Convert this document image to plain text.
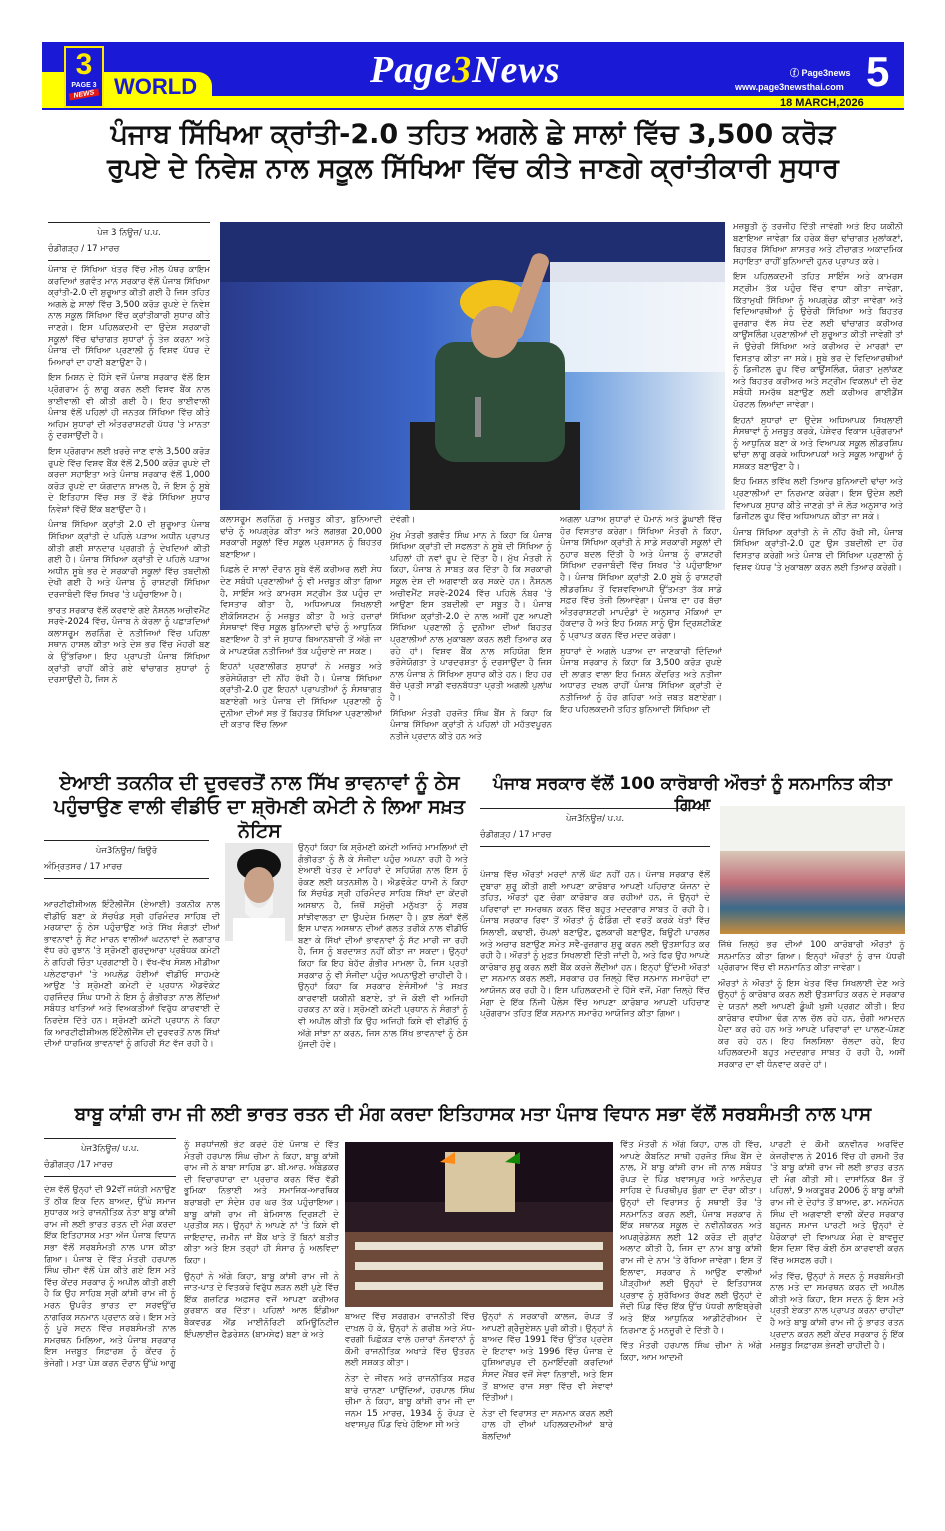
3
PAGE 3
NEWS WORLD	Page3News	ⓕ Page3news
www.page3newsthai.com 5
18 MARCH,2026
ਪੰਜਾਬ ਸਿੱਖਿਆ ਕ੍ਰਾਂਤੀ-2.0 ਤਹਿਤ ਅਗਲੇ ਛੇ ਸਾਲਾਂ ਵਿੱਚ 3,500 ਕਰੋੜ
ਰੁਪਏ ਦੇ ਨਿਵੇਸ਼ ਨਾਲ ਸਕੂਲ ਸਿੱਖਿਆ ਵਿੱਚ ਕੀਤੇ ਜਾਣਗੇ ਕ੍ਰਾਂਤੀਕਾਰੀ ਸੁਧਾਰ
ਪੇਜ 3 ਨਿਊਜ਼/ ਪ.ਪ.
ਚੰਡੀਗੜ੍ਹ / 17 ਮਾਰਚ

ਪੰਜਾਬ ਦੇ ਸਿੱਖਿਆ ਖੇਤਰ ਵਿੱਚ ਮੀਲ ਪੱਥਰ ਕਾਇਮ ਕਰਦਿਆਂ ਭਗਵੰਤ ਮਾਨ ਸਰਕਾਰ ਵੱਲੋਂ ਪੰਜਾਬ ਸਿੱਖਿਆ ਕ੍ਰਾਂਤੀ-2.0 ਦੀ ਸ਼ੁਰੂਆਤ ਕੀਤੀ ਗਈ ਹੈ ਜਿਸ ਤਹਿਤ ਅਗਲੇ ਛੇ ਸਾਲਾਂ ਵਿੱਚ 3,500 ਕਰੋੜ ਰੁਪਏ ਦੇ ਨਿਵੇਸ਼ ਨਾਲ ਸਕੂਲ ਸਿੱਖਿਆ ਵਿੱਚ ਕ੍ਰਾਂਤੀਕਾਰੀ ਸੁਧਾਰ ਕੀਤੇ ਜਾਣਗੇ। ਇਸ ਪਹਿਲਕਦਮੀ ਦਾ ਉਦੇਸ਼ ਸਰਕਾਰੀ ਸਕੂਲਾਂ ਵਿੱਚ ਢਾਂਚਾਗਤ ਸੁਧਾਰਾਂ ਨੂੰ ਤੇਜ਼ ਕਰਨਾ ਅਤੇ ਪੰਜਾਬ ਦੀ ਸਿੱਖਿਆ ਪ੍ਰਣਾਲੀ ਨੂੰ ਵਿਸ਼ਵ ਪੱਧਰ ਦੇ ਮਿਆਰਾਂ ਦਾ ਹਾਣੀ ਬਣਾਉਣਾ ਹੈ।

ਇਸ ਮਿਸ਼ਨ ਦੇ ਹਿੱਸੇ ਵਜੋਂ ਪੰਜਾਬ ਸਰਕਾਰ ਵੱਲੋਂ ਇਸ ਪ੍ਰੋਗਰਾਮ ਨੂੰ ਲਾਗੂ ਕਰਨ ਲਈ ਵਿਸ਼ਵ ਬੈਂਕ ਨਾਲ ਭਾਈਵਾਲੀ ਵੀ ਕੀਤੀ ਗਈ ਹੈ। ਇਹ ਭਾਈਵਾਲੀ ਪੰਜਾਬ ਵੱਲੋਂ ਪਹਿਲਾਂ ਹੀ ਜਨਤਕ ਸਿੱਖਿਆ ਵਿੱਚ ਕੀਤੇ ਅਹਿਮ ਸੁਧਾਰਾਂ ਦੀ ਅੰਤਰਰਾਸ਼ਟਰੀ ਪੱਧਰ 'ਤੇ ਮਾਨਤਾ ਨੂੰ ਦਰਸਾਉਂਦੀ ਹੈ।

ਇਸ ਪ੍ਰੋਗਰਾਮ ਲਈ ਖ਼ਰਚੇ ਜਾਣ ਵਾਲੇ 3,500 ਕਰੋੜ ਰੁਪਏ ਵਿੱਚ ਵਿਸ਼ਵ ਬੈਂਕ ਵੱਲੋਂ 2,500 ਕਰੋੜ ਰੁਪਏ ਦੀ ਕਰਜ਼ਾ ਸਹਾਇਤਾ ਅਤੇ ਪੰਜਾਬ ਸਰਕਾਰ ਵੱਲੋਂ 1,000 ਕਰੋੜ ਰੁਪਏ ਦਾ ਯੋਗਦਾਨ ਸ਼ਾਮਲ ਹੈ, ਜੋ ਇਸ ਨੂੰ ਸੂਬੇ ਦੇ ਇਤਿਹਾਸ ਵਿੱਚ ਸਭ ਤੋਂ ਵੱਡੇ ਸਿੱਖਿਆ ਸੁਧਾਰ ਨਿਵੇਸ਼ਾਂ ਵਿੱਚੋਂ ਇੱਕ ਬਣਾਉਂਦਾ ਹੈ।

ਪੰਜਾਬ ਸਿੱਖਿਆ ਕ੍ਰਾਂਤੀ 2.0 ਦੀ ਸ਼ੁਰੂਆਤ ਪੰਜਾਬ ਸਿੱਖਿਆ ਕ੍ਰਾਂਤੀ ਦੇ ਪਹਿਲੇ ਪੜਾਅ ਅਧੀਨ ਪ੍ਰਾਪਤ ਕੀਤੀ ਗਈ ਸ਼ਾਨਦਾਰ ਪ੍ਰਗਤੀ ਨੂੰ ਦੇਖਦਿਆਂ ਕੀਤੀ ਗਈ ਹੈ। ਪੰਜਾਬ ਸਿੱਖਿਆ ਕ੍ਰਾਂਤੀ ਦੇ ਪਹਿਲੇ ਪੜਾਅ ਅਧੀਨ ਸੂਬੇ ਭਰ ਦੇ ਸਰਕਾਰੀ ਸਕੂਲਾਂ ਵਿੱਚ ਤਬਦੀਲੀ ਦੇਖੀ ਗਈ ਹੈ ਅਤੇ ਪੰਜਾਬ ਨੂੰ ਰਾਸ਼ਟਰੀ ਸਿੱਖਿਆ ਦਰਜਾਬੰਦੀ ਵਿੱਚ ਸਿਖਰ 'ਤੇ ਪਹੁੰਚਾਇਆ ਹੈ।

ਭਾਰਤ ਸਰਕਾਰ ਵੱਲੋਂ ਕਰਵਾਏ ਗਏ ਨੈਸ਼ਨਲ ਅਚੀਵਮੈਂਟ ਸਰਵੇ-2024 ਵਿੱਚ, ਪੰਜਾਬ ਨੇ ਕੇਰਲਾ ਨੂੰ ਪਛਾੜਦਿਆਂ ਕਲਾਸਰੂਮ ਲਰਨਿੰਗ ਦੇ ਨਤੀਜਿਆਂ ਵਿੱਚ ਪਹਿਲਾ ਸਥਾਨ ਹਾਸਲ ਕੀਤਾ ਅਤੇ ਦੇਸ਼ ਭਰ ਵਿੱਚ ਮੋਹਰੀ ਬਣ ਕੇ ਉੱਭਰਿਆ। ਇਹ ਪ੍ਰਾਪਤੀ ਪੰਜਾਬ ਸਿੱਖਿਆ ਕ੍ਰਾਂਤੀ ਰਾਹੀਂ ਕੀਤੇ ਗਏ ਢਾਂਚਾਗਤ ਸੁਧਾਰਾਂ ਨੂੰ ਦਰਸਾਉਂਦੀ ਹੈ, ਜਿਸ ਨੇ

ਕਲਾਸਰੂਮ ਲਰਨਿੰਗ ਨੂੰ ਮਜ਼ਬੂਤ ਕੀਤਾ, ਬੁਨਿਆਦੀ ਢਾਂਚੇ ਨੂੰ ਅਪਗ੍ਰੇਡ ਕੀਤਾ ਅਤੇ ਲਗਭਗ 20,000 ਸਰਕਾਰੀ ਸਕੂਲਾਂ ਵਿੱਚ ਸਕੂਲ ਪ੍ਰਸ਼ਾਸਨ ਨੂੰ ਬਿਹਤਰ ਬਣਾਇਆ।

ਪਿਛਲੇ ਦੋ ਸਾਲਾਂ ਦੌਰਾਨ ਸੂਬੇ ਵੱਲੋਂ ਕਰੀਅਰ ਲਈ ਸੇਧ ਦੇਣ ਸਬੰਧੀ ਪ੍ਰਣਾਲੀਆਂ ਨੂੰ ਵੀ ਮਜ਼ਬੂਤ ਕੀਤਾ ਗਿਆ ਹੈ, ਸਾਇੰਸ ਅਤੇ ਕਾਮਰਸ ਸਟ੍ਰੀਮ ਤੱਕ ਪਹੁੰਚ ਦਾ ਵਿਸਤਾਰ ਕੀਤਾ ਹੈ, ਅਧਿਆਪਕ ਸਿਖਲਾਈ ਈਕੋਸਿਸਟਮ ਨੂੰ ਮਜ਼ਬੂਤ ਕੀਤਾ ਹੈ ਅਤੇ ਹਜ਼ਾਰਾਂ ਸੰਸਥਾਵਾਂ ਵਿੱਚ ਸਕੂਲ ਬੁਨਿਆਦੀ ਢਾਂਚੇ ਨੂੰ ਆਧੁਨਿਕ ਬਣਾਇਆ ਹੈ ਤਾਂ ਜੋ ਸੁਧਾਰ ਬਿਆਨਬਾਜ਼ੀ ਤੋਂ ਅੱਗੇ ਜਾ ਕੇ ਮਾਪਣਯੋਗ ਨਤੀਜਿਆਂ ਤੱਕ ਪਹੁੰਚਾਏ ਜਾ ਸਕਣ।

ਇਹਨਾਂ ਪ੍ਰਣਾਲੀਗਤ ਸੁਧਾਰਾਂ ਨੇ ਮਜ਼ਬੂਤ ਅਤੇ ਭਰੋਸੇਯੋਗਤਾ ਦੀ ਨੀਂਹ ਰੱਖੀ ਹੈ। ਪੰਜਾਬ ਸਿੱਖਿਆ ਕ੍ਰਾਂਤੀ-2.0 ਹੁਣ ਇਹਨਾਂ ਪ੍ਰਾਪਤੀਆਂ ਨੂੰ ਸੰਸਥਾਗਤ ਬਣਾਏਗੀ ਅਤੇ ਪੰਜਾਬ ਦੀ ਸਿੱਖਿਆ ਪ੍ਰਣਾਲੀ ਨੂੰ ਦੁਨੀਆ ਦੀਆਂ ਸਭ ਤੋਂ ਬਿਹਤਰ ਸਿੱਖਿਆ ਪ੍ਰਣਾਲੀਆਂ ਦੀ ਕਤਾਰ ਵਿੱਚ ਲਿਆ

ਦੇਵੇਗੀ।

ਮੁੱਖ ਮੰਤਰੀ ਭਗਵੰਤ ਸਿੰਘ ਮਾਨ ਨੇ ਕਿਹਾ ਕਿ ਪੰਜਾਬ ਸਿੱਖਿਆ ਕ੍ਰਾਂਤੀ ਦੀ ਸਫਲਤਾ ਨੇ ਸੂਬੇ ਦੀ ਸਿੱਖਿਆ ਨੂੰ ਪਹਿਲਾਂ ਹੀ ਨਵਾਂ ਰੂਪ ਦੇ ਦਿੱਤਾ ਹੈ। ਮੁੱਖ ਮੰਤਰੀ ਨੇ ਕਿਹਾ, ਪੰਜਾਬ ਨੇ ਸਾਬਤ ਕਰ ਦਿੱਤਾ ਹੈ ਕਿ ਸਰਕਾਰੀ ਸਕੂਲ ਦੇਸ਼ ਦੀ ਅਗਵਾਈ ਕਰ ਸਕਦੇ ਹਨ। ਨੈਸ਼ਨਲ ਅਚੀਵਮੈਂਟ ਸਰਵੇ-2024 ਵਿੱਚ ਪਹਿਲੇ ਨੰਬਰ 'ਤੇ ਆਉਣਾ ਇਸ ਤਬਦੀਲੀ ਦਾ ਸਬੂਤ ਹੈ। ਪੰਜਾਬ ਸਿੱਖਿਆ ਕ੍ਰਾਂਤੀ-2.0 ਦੇ ਨਾਲ ਅਸੀਂ ਹੁਣ ਆਪਣੀ ਸਿੱਖਿਆ ਪ੍ਰਣਾਲੀ ਨੂੰ ਦੁਨੀਆ ਦੀਆਂ ਬਿਹਤਰ ਪ੍ਰਣਾਲੀਆਂ ਨਾਲ ਮੁਕਾਬਲਾ ਕਰਨ ਲਈ ਤਿਆਰ ਕਰ ਰਹੇ ਹਾਂ। ਵਿਸ਼ਵ ਬੈਂਕ ਨਾਲ ਸਹਿਯੋਗ ਇਸ ਭਰੋਸੇਯੋਗਤਾ ਤੇ ਪਾਰਦਰਸ਼ਤਾ ਨੂੰ ਦਰਸਾਉਂਦਾ ਹੈ ਜਿਸ ਨਾਲ ਪੰਜਾਬ ਨੇ ਸਿੱਖਿਆ ਸੁਧਾਰ ਕੀਤੇ ਹਨ। ਇਹ ਹਰ ਬੱਚੇ ਪ੍ਰਤੀ ਸਾਡੀ ਵਚਨਬੱਧਤਾ ਪ੍ਰਤੀ ਅਗਲੀ ਪੁਲਾਂਘ ਹੈ।

ਸਿੱਖਿਆ ਮੰਤਰੀ ਹਰਜੋਤ ਸਿੰਘ ਬੈਂਸ ਨੇ ਕਿਹਾ ਕਿ ਪੰਜਾਬ ਸਿੱਖਿਆ ਕ੍ਰਾਂਤੀ ਨੇ ਪਹਿਲਾਂ ਹੀ ਮਹੱਤਵਪੂਰਨ ਨਤੀਜੇ ਪ੍ਰਦਾਨ ਕੀਤੇ ਹਨ ਅਤੇ

ਅਗਲਾ ਪੜਾਅ ਸੁਧਾਰਾਂ ਦੇ ਪੈਮਾਨੇ ਅਤੇ ਡੂੰਘਾਈ ਵਿੱਚ ਹੋਰ ਵਿਸਤਾਰ ਕਰੇਗਾ। ਸਿੱਖਿਆ ਮੰਤਰੀ ਨੇ ਕਿਹਾ, ਪੰਜਾਬ ਸਿੱਖਿਆ ਕ੍ਰਾਂਤੀ ਨੇ ਸਾਡੇ ਸਰਕਾਰੀ ਸਕੂਲਾਂ ਦੀ ਨੁਹਾਰ ਬਦਲ ਦਿੱਤੀ ਹੈ ਅਤੇ ਪੰਜਾਬ ਨੂੰ ਰਾਸ਼ਟਰੀ ਸਿੱਖਿਆ ਦਰਜਾਬੰਦੀ ਵਿੱਚ ਸਿਖਰ 'ਤੇ ਪਹੁੰਚਾਇਆ ਹੈ। ਪੰਜਾਬ ਸਿੱਖਿਆ ਕ੍ਰਾਂਤੀ 2.0 ਸੂਬੇ ਨੂੰ ਰਾਸ਼ਟਰੀ ਲੀਡਰਸ਼ਿਪ ਤੋਂ ਵਿਸ਼ਵਵਿਆਪੀ ਉੱਤਮਤਾ ਤੱਕ ਸਾਡੇ ਸਫ਼ਰ ਵਿੱਚ ਤੇਜ਼ੀ ਲਿਆਵੇਗਾ। ਪੰਜਾਬ ਦਾ ਹਰ ਬੱਚਾ ਅੰਤਰਰਾਸ਼ਟਰੀ ਮਾਪਦੰਡਾਂ ਦੇ ਅਨੁਸਾਰ ਮੌਕਿਆਂ ਦਾ ਹੱਕਦਾਰ ਹੈ ਅਤੇ ਇਹ ਮਿਸ਼ਨ ਸਾਨੂੰ ਉਸ ਦ੍ਰਿਸ਼ਟੀਕੋਣ ਨੂੰ ਪ੍ਰਾਪਤ ਕਰਨ ਵਿੱਚ ਮਦਦ ਕਰੇਗਾ।

ਸੁਧਾਰਾਂ ਦੇ ਅਗਲੇ ਪੜਾਅ ਦਾ ਜਾਣਕਾਰੀ ਦਿੰਦਿਆਂ ਪੰਜਾਬ ਸਰਕਾਰ ਨੇ ਕਿਹਾ ਕਿ 3,500 ਕਰੋੜ ਰੁਪਏ ਦੀ ਲਾਗਤ ਵਾਲਾ ਇਹ ਮਿਸ਼ਨ ਕੇਂਦਰਿਤ ਅਤੇ ਨਤੀਜਾ ਅਧਾਰਤ ਦਖਲ ਰਾਹੀਂ ਪੰਜਾਬ ਸਿੱਖਿਆ ਕ੍ਰਾਂਤੀ ਦੇ ਨਤੀਜਿਆਂ ਨੂੰ ਹੋਰ ਗਹਿਰਾ ਅਤੇ ਜ਼ਬਤ ਬਣਾਏਗਾ। ਇਹ ਪਹਿਲਕਦਮੀ ਤਹਿਤ ਬੁਨਿਆਦੀ ਸਿੱਖਿਆ ਦੀ

ਮਜ਼ਬੂਤੀ ਨੂੰ ਤਰਜੀਹ ਦਿੱਤੀ ਜਾਵੇਗੀ ਅਤੇ ਇਹ ਯਕੀਨੀ ਬਣਾਇਆ ਜਾਵੇਗਾ ਕਿ ਹਰੇਕ ਬੱਚਾ ਢਾਂਚਾਗਤ ਮੁਲਾਂਕਣਾਂ, ਬਿਹਤਰ ਸਿੱਖਿਆ ਸ਼ਾਸਤਰ ਅਤੇ ਟੀਚਾਗਤ ਅਕਾਦਮਿਕ ਸਹਾਇਤਾ ਰਾਹੀਂ ਬੁਨਿਆਦੀ ਹੁਨਰ ਪ੍ਰਾਪਤ ਕਰੇ।

ਇਸ ਪਹਿਲਕਦਮੀ ਤਹਿਤ ਸਾਇੰਸ ਅਤੇ ਕਾਮਰਸ ਸਟ੍ਰੀਮ ਤੱਕ ਪਹੁੰਚ ਵਿੱਚ ਵਾਧਾ ਕੀਤਾ ਜਾਵੇਗਾ, ਕਿੱਤਾਮੁਖੀ ਸਿੱਖਿਆ ਨੂੰ ਅਪਗ੍ਰੇਡ ਕੀਤਾ ਜਾਵੇਗਾ ਅਤੇ ਵਿਦਿਆਰਥੀਆਂ ਨੂੰ ਉਚੇਰੀ ਸਿੱਖਿਆ ਅਤੇ ਬਿਹਤਰ ਰੁਜ਼ਗਾਰ ਵੱਲ ਸੇਧ ਦੇਣ ਲਈ ਢਾਂਚਾਗਤ ਕਰੀਅਰ ਕਾਊਂਸਲਿੰਗ ਪ੍ਰਣਾਲੀਆਂ ਦੀ ਸ਼ੁਰੂਆਤ ਕੀਤੀ ਜਾਵੇਗੀ ਤਾਂ ਜੋ ਉਚੇਰੀ ਸਿੱਖਿਆ ਅਤੇ ਕਰੀਅਰ ਦੇ ਮਾਰਗਾਂ ਦਾ ਵਿਸਤਾਰ ਕੀਤਾ ਜਾ ਸਕੇ। ਸੂਬੇ ਭਰ ਦੇ ਵਿਦਿਆਰਥੀਆਂ ਨੂੰ ਡਿਜੀਟਲ ਰੂਪ ਵਿੱਚ ਕਾਊਂਸਲਿੰਗ, ਯੋਗਤਾ ਮੁਲਾਂਕਣ ਅਤੇ ਬਿਹਤਰ ਕਰੀਅਰ ਅਤੇ ਸਟ੍ਰੀਮ ਵਿਕਲਪਾਂ ਦੀ ਚੋਣ ਸਬੰਧੀ ਸਮਰੱਥ ਬਣਾਉਣ ਲਈ ਕਰੀਅਰ ਗਾਈਡੈਂਸ ਪੋਰਟਲ ਲਿਆਂਦਾ ਜਾਵੇਗਾ।

ਇਹਨਾਂ ਸੁਧਾਰਾਂ ਦਾ ਉਦੇਸ਼ ਅਧਿਆਪਕ ਸਿਖਲਾਈ ਸੰਸਥਾਵਾਂ ਨੂੰ ਮਜ਼ਬੂਤ ਕਰਕੇ, ਪੇਸ਼ੇਵਰ ਵਿਕਾਸ ਪ੍ਰੋਗਰਾਮਾਂ ਨੂੰ ਆਧੁਨਿਕ ਬਣਾ ਕੇ ਅਤੇ ਵਿਆਪਕ ਸਕੂਲ ਲੀਡਰਸ਼ਿਪ ਢਾਂਚਾ ਲਾਗੂ ਕਰਕੇ ਅਧਿਆਪਕਾਂ ਅਤੇ ਸਕੂਲ ਆਗੂਆਂ ਨੂੰ ਸਸ਼ਕਤ ਬਣਾਉਣਾ ਹੈ।

ਇਹ ਮਿਸ਼ਨ ਭਵਿੱਖ ਲਈ ਤਿਆਰ ਬੁਨਿਆਦੀ ਢਾਂਚਾ ਅਤੇ ਪ੍ਰਣਾਲੀਆਂ ਦਾ ਨਿਰਮਾਣ ਕਰੇਗਾ। ਇਸ ਉਦੇਸ਼ ਲਈ ਵਿਆਪਕ ਸੁਧਾਰ ਕੀਤੇ ਜਾਣਗੇ ਤਾਂ ਜੋ ਲੋੜ ਅਨੁਸਾਰ ਅਤੇ ਡਿਜੀਟਲ ਰੂਪ ਵਿੱਚ ਅਧਿਆਪਨ ਕੀਤਾ ਜਾ ਸਕੇ।

ਪੰਜਾਬ ਸਿੱਖਿਆ ਕ੍ਰਾਂਤੀ ਨੇ ਜੋ ਨੀਂਹ ਰੱਖੀ ਸੀ, ਪੰਜਾਬ ਸਿੱਖਿਆ ਕ੍ਰਾਂਤੀ-2.0 ਹੁਣ ਉਸ ਤਬਦੀਲੀ ਦਾ ਹੋਰ ਵਿਸਤਾਰ ਕਰੇਗੀ ਅਤੇ ਪੰਜਾਬ ਦੀ ਸਿੱਖਿਆ ਪ੍ਰਣਾਲੀ ਨੂੰ ਵਿਸ਼ਵ ਪੱਧਰ 'ਤੇ ਮੁਕਾਬਲਾ ਕਰਨ ਲਈ ਤਿਆਰ ਕਰੇਗੀ।

ਏਆਈ ਤਕਨੀਕ ਦੀ ਦੁਰਵਰਤੋਂ ਨਾਲ ਸਿੱਖ ਭਾਵਨਾਵਾਂ ਨੂੰ ਠੇਸ
ਪਹੁੰਚਾਉਣ ਵਾਲੀ ਵੀਡੀਓ ਦਾ ਸ਼੍ਰੋਮਣੀ ਕਮੇਟੀ ਨੇ ਲਿਆ ਸਖ਼ਤ ਨੋਟਿਸ
ਪੇਜ3ਨਿਊਜ਼/ ਬਿਊਰੋ
ਅੰਮ੍ਰਿਤਸਰ / 17 ਮਾਰਚ

ਆਰਟੀਫੀਸ਼ੀਅਲ ਇੰਟੈਲੀਜੈਂਸ (ਏਆਈ) ਤਕਨੀਕ ਨਾਲ ਵੀਡੀਓ ਬਣਾ ਕੇ ਸੱਚਖੰਡ ਸ੍ਰੀ ਹਰਿਮੰਦਰ ਸਾਹਿਬ ਦੀ ਮਰਯਾਦਾ ਨੂੰ ਠੇਸ ਪਹੁੰਚਾਉਣ ਅਤੇ ਸਿੱਖ ਸੰਗਤਾਂ ਦੀਆਂ ਭਾਵਨਾਵਾਂ ਨੂੰ ਸੱਟ ਮਾਰਨ ਵਾਲੀਆਂ ਘਟਨਾਵਾਂ ਦੇ ਲਗਾਤਾਰ ਵੱਧ ਰਹੇ ਰੁਝਾਨ 'ਤੇ ਸ਼੍ਰੋਮਣੀ ਗੁਰਦੁਆਰਾ ਪ੍ਰਬੰਧਕ ਕਮੇਟੀ ਨੇ ਗਹਿਰੀ ਚਿੰਤਾ ਪ੍ਰਗਟਾਈ ਹੈ। ਵੱਖ-ਵੱਖ ਸੋਸ਼ਲ ਮੀਡੀਆ ਪਲੇਟਫਾਰਮਾਂ 'ਤੇ ਅਪਲੋਡ ਹੋਈਆਂ ਵੀਡੀਓ ਸਾਹਮਣੇ ਆਉਣ 'ਤੇ ਸ਼੍ਰੋਮਣੀ ਕਮੇਟੀ ਦੇ ਪ੍ਰਧਾਨ ਐਡਵੋਕੇਟ ਹਰਜਿੰਦਰ ਸਿੰਘ ਧਾਮੀ ਨੇ ਇਸ ਨੂੰ ਗੰਭੀਰਤਾ ਨਾਲ ਲੈਂਦਿਆਂ ਸਬੰਧਤ ਖਾਤਿਆਂ ਅਤੇ ਵਿਅਕਤੀਆਂ ਵਿਰੁੱਧ ਕਾਰਵਾਈ ਦੇ ਨਿਰਦੇਸ਼ ਦਿੱਤੇ ਹਨ। ਸ਼੍ਰੋਮਣੀ ਕਮੇਟੀ ਪ੍ਰਧਾਨ ਨੇ ਕਿਹਾ ਕਿ ਆਰਟੀਫੀਸ਼ੀਅਲ ਇੰਟੈਲੀਜੈਂਸ ਦੀ ਦੁਰਵਰਤੋਂ ਨਾਲ ਸਿੱਖਾਂ ਦੀਆਂ ਧਾਰਮਿਕ ਭਾਵਨਾਵਾਂ ਨੂੰ ਗਹਿਰੀ ਸੱਟ ਵੱਜ ਰਹੀ ਹੈ।

ਉਨ੍ਹਾਂ ਕਿਹਾ ਕਿ ਸ਼੍ਰੋਮਣੀ ਕਮੇਟੀ ਅਜਿਹੇ ਮਾਮਲਿਆਂ ਦੀ ਗੰਭੀਰਤਾ ਨੂੰ ਲੈ ਕੇ ਸੰਜੀਦਾ ਪਹੁੰਚ ਅਪਨਾ ਰਹੀ ਹੈ ਅਤੇ ਏਆਈ ਖੇਤਰ ਦੇ ਮਾਹਿਰਾਂ ਦੇ ਸਹਿਯੋਗ ਨਾਲ ਇਸ ਨੂੰ ਰੋਕਣ ਲਈ ਯਤਨਸ਼ੀਲ ਹੈ। ਐਡਵੋਕੇਟ ਧਾਮੀ ਨੇ ਕਿਹਾ ਕਿ ਸੱਚਖੰਡ ਸ੍ਰੀ ਹਰਿਮੰਦਰ ਸਾਹਿਬ ਸਿੱਖਾਂ ਦਾ ਕੇਂਦਰੀ ਅਸਥਾਨ ਹੈ, ਜਿਥੋਂ ਸਮੁੱਚੀ ਮਨੁੱਖਤਾ ਨੂੰ ਸਰਬ ਸਾਂਝੀਵਾਲਤਾ ਦਾ ਉਪਦੇਸ਼ ਮਿਲਦਾ ਹੈ। ਕੁਝ ਲੋਕਾਂ ਵੱਲੋਂ ਇਸ ਪਾਵਨ ਅਸਥਾਨ ਦੀਆਂ ਗਲਤ ਤਰੀਕੇ ਨਾਲ ਵੀਡੀਓ ਬਣਾ ਕੇ ਸਿੱਖਾਂ ਦੀਆਂ ਭਾਵਨਾਵਾਂ ਨੂੰ ਸੱਟ ਮਾਰੀ ਜਾ ਰਹੀ ਹੈ, ਜਿਸ ਨੂੰ ਬਰਦਾਸ਼ਤ ਨਹੀਂ ਕੀਤਾ ਜਾ ਸਕਦਾ। ਉਨ੍ਹਾਂ ਕਿਹਾ ਕਿ ਇਹ ਬੇਹੱਦ ਗੰਭੀਰ ਮਾਮਲਾ ਹੈ, ਜਿਸ ਪ੍ਰਤੀ ਸਰਕਾਰ ਨੂੰ ਵੀ ਸੰਜੀਦਾ ਪਹੁੰਚ ਅਪਨਾਉਣੀ ਚਾਹੀਦੀ ਹੈ। ਉਨ੍ਹਾਂ ਕਿਹਾ ਕਿ ਸਰਕਾਰ ਏਜੰਸੀਆਂ 'ਤੇ ਸਖ਼ਤ ਕਾਰਵਾਈ ਯਕੀਨੀ ਬਣਾਏ, ਤਾਂ ਜੋ ਕੋਈ ਵੀ ਅਜਿਹੀ ਹਰਕਤ ਨਾ ਕਰੇ। ਸ਼੍ਰੋਮਣੀ ਕਮੇਟੀ ਪ੍ਰਧਾਨ ਨੇ ਸੰਗਤਾਂ ਨੂੰ ਵੀ ਅਪੀਲ ਕੀਤੀ ਕਿ ਉਹ ਅਜਿਹੀ ਕਿਸੇ ਵੀ ਵੀਡੀਓ ਨੂੰ ਅੱਗੇ ਸਾਂਝਾ ਨਾ ਕਰਨ, ਜਿਸ ਨਾਲ ਸਿੱਖ ਭਾਵਨਾਵਾਂ ਨੂੰ ਠੇਸ ਪੁੱਜਦੀ ਹੋਵੇ।

ਪੰਜਾਬ ਸਰਕਾਰ ਵੱਲੋਂ 100 ਕਾਰੋਬਾਰੀ ਔਰਤਾਂ ਨੂੰ ਸਨਮਾਨਿਤ ਕੀਤਾ ਗਿਆ
ਪੇਜ3ਨਿਊਜ਼/ ਪ.ਪ.
ਚੰਡੀਗੜ੍ਹ / 17 ਮਾਰਚ

ਪੰਜਾਬ ਵਿੱਚ ਔਰਤਾਂ ਮਰਦਾਂ ਨਾਲੋਂ ਘੱਟ ਨਹੀਂ ਹਨ। ਪੰਜਾਬ ਸਰਕਾਰ ਵੱਲੋਂ ਦੁਬਾਰਾ ਸ਼ੁਰੂ ਕੀਤੀ ਗਈ ਆਪਣਾ ਕਾਰੋਬਾਰ ਆਪਣੀ ਪਹਿਚਾਣ ਯੋਜਨਾ ਦੇ ਤਹਿਤ, ਔਰਤਾਂ ਹੁਣ ਚੰਗਾ ਕਾਰੋਬਾਰ ਕਰ ਰਹੀਆਂ ਹਨ, ਜੋ ਉਨ੍ਹਾਂ ਦੇ ਪਰਿਵਾਰਾਂ ਦਾ ਸਮਰਥਨ ਕਰਨ ਵਿੱਚ ਬਹੁਤ ਮਦਦਗਾਰ ਸਾਬਤ ਹੋ ਰਹੀ ਹੈ। ਪੰਜਾਬ ਸਰਕਾਰ ਰਿਵਾ ਤੋਂ ਔਰਤਾਂ ਨੂੰ ਫੰਡਿੰਗ ਦੀ ਵਰਤੋਂ ਕਰਕੇ ਖੇਤਾਂ ਵਿੱਚ ਸਿਲਾਈ, ਕਢਾਈ, ਚੱਪਲਾਂ ਬਣਾਉਣ, ਫੁਲਕਾਰੀ ਬਣਾਉਣ, ਬਿਊਟੀ ਪਾਰਲਰ ਅਤੇ ਅਚਾਰ ਬਣਾਉਣ ਸਮੇਤ ਸਵੈ-ਰੁਜ਼ਗਾਰ ਸ਼ੁਰੂ ਕਰਨ ਲਈ ਉਤਸ਼ਾਹਿਤ ਕਰ ਰਹੀ ਹੈ। ਔਰਤਾਂ ਨੂੰ ਮੁਫ਼ਤ ਸਿਖਲਾਈ ਦਿੱਤੀ ਜਾਂਦੀ ਹੈ, ਅਤੇ ਫਿਰ ਉਹ ਆਪਣੇ ਕਾਰੋਬਾਰ ਸ਼ੁਰੂ ਕਰਨ ਲਈ ਬੈਂਕ ਕਰਜ਼ੇ ਲੈਂਦੀਆਂ ਹਨ। ਇਨ੍ਹਾਂ ਉੱਦਮੀ ਔਰਤਾਂ ਦਾ ਸਨਮਾਨ ਕਰਨ ਲਈ, ਸਰਕਾਰ ਹਰ ਜ਼ਿਲ੍ਹੇ ਵਿੱਚ ਸਨਮਾਨ ਸਮਾਰੋਹਾਂ ਦਾ ਆਯੋਜਨ ਕਰ ਰਹੀ ਹੈ। ਇਸ ਪਹਿਲਕਦਮੀ ਦੇ ਹਿੱਸੇ ਵਜੋਂ, ਮੋਗਾ ਜ਼ਿਲ੍ਹੇ ਵਿੱਚ ਮੋਗਾ ਦੇ ਇੱਕ ਨਿੱਜੀ ਪੈਲੇਸ ਵਿੱਚ ਆਪਣਾ ਕਾਰੋਬਾਰ ਆਪਣੀ ਪਹਿਚਾਣ ਪ੍ਰੋਗਰਾਮ ਤਹਿਤ ਇੱਕ ਸਨਮਾਨ ਸਮਾਰੋਹ ਆਯੋਜਿਤ ਕੀਤਾ ਗਿਆ।

ਜਿੱਥੇ ਜ਼ਿਲ੍ਹੇ ਭਰ ਦੀਆਂ 100 ਕਾਰੋਬਾਰੀ ਔਰਤਾਂ ਨੂੰ ਸਨਮਾਨਿਤ ਕੀਤਾ ਗਿਆ। ਇਨ੍ਹਾਂ ਔਰਤਾਂ ਨੂੰ ਰਾਜ ਪੱਧਰੀ ਪ੍ਰੋਗਰਾਮ ਵਿੱਚ ਵੀ ਸਨਮਾਨਿਤ ਕੀਤਾ ਜਾਵੇਗਾ।

ਔਰਤਾਂ ਨੇ ਔਰਤਾਂ ਨੂੰ ਇਸ ਖੇਤਰ ਵਿੱਚ ਸਿਖਲਾਈ ਦੇਣ ਅਤੇ ਉਨ੍ਹਾਂ ਨੂੰ ਕਾਰੋਬਾਰ ਕਰਨ ਲਈ ਉਤਸ਼ਾਹਿਤ ਕਰਨ ਦੇ ਸਰਕਾਰ ਦੇ ਯਤਨਾਂ ਲਈ ਆਪਣੀ ਡੂੰਘੀ ਖੁਸ਼ੀ ਪ੍ਰਗਟ ਕੀਤੀ। ਇਹ ਕਾਰੋਬਾਰ ਵਧੀਆ ਢੰਗ ਨਾਲ ਚੱਲ ਰਹੇ ਹਨ, ਚੰਗੀ ਆਮਦਨ ਪੈਦਾ ਕਰ ਰਹੇ ਹਨ ਅਤੇ ਆਪਣੇ ਪਰਿਵਾਰਾਂ ਦਾ ਪਾਲਣ-ਪੋਸ਼ਣ ਕਰ ਰਹੇ ਹਨ। ਇਹ ਸਿਲਸਿਲਾ ਚੱਲਦਾ ਰਹੇ, ਇਹ ਪਹਿਲਕਦਮੀ ਬਹੁਤ ਮਦਦਗਾਰ ਸਾਬਤ ਹੋ ਰਹੀ ਹੈ, ਅਸੀਂ ਸਰਕਾਰ ਦਾ ਵੀ ਧੰਨਵਾਦ ਕਰਦੇ ਹਾਂ।

ਬਾਬੂ ਕਾਂਸ਼ੀ ਰਾਮ ਜੀ ਲਈ ਭਾਰਤ ਰਤਨ ਦੀ ਮੰਗ ਕਰਦਾ ਇਤਿਹਾਸਕ ਮਤਾ ਪੰਜਾਬ ਵਿਧਾਨ ਸਭਾ ਵੱਲੋਂ ਸਰਬਸੰਮਤੀ ਨਾਲ ਪਾਸ
ਪੇਜ3ਨਿਊਜ਼/ ਪ.ਪ.
ਚੰਡੀਗੜ੍ਹ /17 ਮਾਰਚ

ਦੇਸ਼ ਵੱਲੋਂ ਉਨ੍ਹਾਂ ਦੀ 92ਵੀਂ ਜਯੰਤੀ ਮਨਾਉਣ ਤੋਂ ਠੀਕ ਇਕ ਦਿਨ ਬਾਅਦ, ਉੱਘੇ ਸਮਾਜ ਸੁਧਾਰਕ ਅਤੇ ਰਾਜਨੀਤਿਕ ਨੇਤਾ ਬਾਬੂ ਕਾਂਸ਼ੀ ਰਾਮ ਜੀ ਲਈ ਭਾਰਤ ਰਤਨ ਦੀ ਮੰਗ ਕਰਦਾ ਇੱਕ ਇਤਿਹਾਸਕ ਮਤਾ ਅੱਜ ਪੰਜਾਬ ਵਿਧਾਨ ਸਭਾ ਵੱਲੋਂ ਸਰਬਸੰਮਤੀ ਨਾਲ ਪਾਸ ਕੀਤਾ ਗਿਆ। ਪੰਜਾਬ ਦੇ ਵਿੱਤ ਮੰਤਰੀ ਹਰਪਾਲ ਸਿੰਘ ਚੀਮਾ ਵੱਲੋਂ ਪੇਸ਼ ਕੀਤੇ ਗਏ ਇਸ ਮਤੇ ਵਿੱਚ ਕੇਂਦਰ ਸਰਕਾਰ ਨੂੰ ਅਪੀਲ ਕੀਤੀ ਗਈ ਹੈ ਕਿ ਉਹ ਸਾਹਿਬ ਸ੍ਰੀ ਕਾਂਸ਼ੀ ਰਾਮ ਜੀ ਨੂੰ ਮਰਨ ਉਪਰੰਤ ਭਾਰਤ ਦਾ ਸਰਵਉੱਚ ਨਾਗਰਿਕ ਸਨਮਾਨ ਪ੍ਰਦਾਨ ਕਰੇ। ਇਸ ਮਤੇ ਨੂੰ ਪੂਰੇ ਸਦਨ ਵਿੱਚ ਸਰਬਸੰਮਤੀ ਨਾਲ ਸਮਰਥਨ ਮਿਲਿਆ, ਅਤੇ ਪੰਜਾਬ ਸਰਕਾਰ ਇਸ ਮਜ਼ਬੂਤ ਸਿਫ਼ਾਰਸ਼ ਨੂੰ ਕੇਂਦਰ ਨੂੰ ਭੇਜੇਗੀ। ਮਤਾ ਪੇਸ਼ ਕਰਨ ਦੌਰਾਨ ਉੱਘੇ ਆਗੂ

ਨੂੰ ਸ਼ਰਧਾਂਜਲੀ ਭੇਟ ਕਰਦੇ ਹੋਏ ਪੰਜਾਬ ਦੇ ਵਿੱਤ ਮੰਤਰੀ ਹਰਪਾਲ ਸਿੰਘ ਚੀਮਾ ਨੇ ਕਿਹਾ, ਬਾਬੂ ਕਾਂਸ਼ੀ ਰਾਮ ਜੀ ਨੇ ਬਾਬਾ ਸਾਹਿਬ ਡਾ. ਬੀ.ਆਰ. ਅੰਬੇਡਕਰ ਦੀ ਵਿਚਾਰਧਾਰਾ ਦਾ ਪ੍ਰਚਾਰ ਕਰਨ ਵਿੱਚ ਵੱਡੀ ਭੂਮਿਕਾ ਨਿਭਾਈ ਅਤੇ ਸਮਾਜਿਕ-ਆਰਥਿਕ ਬਰਾਬਰੀ ਦਾ ਸੰਦੇਸ਼ ਹਰ ਘਰ ਤੱਕ ਪਹੁੰਚਾਇਆ। ਬਾਬੂ ਕਾਂਸ਼ੀ ਰਾਮ ਜੀ ਬੇਮਿਸਾਲ ਦ੍ਰਿਸ਼ਟੀ ਦੇ ਪ੍ਰਤੀਕ ਸਨ। ਉਨ੍ਹਾਂ ਨੇ ਆਪਣੇ ਨਾਂ 'ਤੇ ਕਿਸੇ ਵੀ ਜਾਇਦਾਦ, ਜ਼ਮੀਨ ਜਾਂ ਬੈਂਕ ਖਾਤੇ ਤੋਂ ਬਿਨਾਂ ਬਤੀਤ ਕੀਤਾ ਅਤੇ ਇਸ ਤਰ੍ਹਾਂ ਹੀ ਸੰਸਾਰ ਨੂੰ ਅਲਵਿਦਾ ਕਿਹਾ।

ਉਨ੍ਹਾਂ ਨੇ ਅੱਗੇ ਕਿਹਾ, ਬਾਬੂ ਕਾਂਸ਼ੀ ਰਾਮ ਜੀ ਨੇ ਜਾਤ-ਪਾਤ ਦੇ ਵਿਤਕਰੇ ਵਿਰੁੱਧ ਲੜਨ ਲਈ ਪੁਣੇ ਵਿੱਚ ਇੱਕ ਗਜ਼ਟਿਡ ਅਫ਼ਸਰ ਵਜੋਂ ਆਪਣਾ ਕਰੀਅਰ ਕੁਰਬਾਨ ਕਰ ਦਿੱਤਾ। ਪਹਿਲਾਂ ਆਲ ਇੰਡੀਆ ਬੈਕਵਰਡ ਐਂਡ ਮਾਈਨੋਰਿਟੀ ਕਮਿਊਨਿਟੀਜ਼ ਇੰਪਲਾਈਜ਼ ਫੈਡਰੇਸ਼ਨ (ਬਾਮਸੇਫ) ਬਣਾ ਕੇ ਅਤੇ

ਬਾਅਦ ਵਿੱਚ ਸਰਗਰਮ ਰਾਜਨੀਤੀ ਵਿੱਚ ਦਾਖ਼ਲ ਹੋ ਕੇ, ਉਨ੍ਹਾਂ ਨੇ ਗਰੀਬ ਅਤੇ ਮੱਧ-ਵਰਗੀ ਪਿਛੋਕੜ ਵਾਲੇ ਹਜ਼ਾਰਾਂ ਨੌਜਵਾਨਾਂ ਨੂੰ ਕੌਮੀ ਰਾਜਨੀਤਿਕ ਅਖਾੜੇ ਵਿੱਚ ਉਤਰਨ ਲਈ ਸਸ਼ਕਤ ਕੀਤਾ।

ਨੇਤਾ ਦੇ ਜੀਵਨ ਅਤੇ ਰਾਜਨੀਤਿਕ ਸਫ਼ਰ ਬਾਰੇ ਚਾਨਣਾ ਪਾਉਂਦਿਆਂ, ਹਰਪਾਲ ਸਿੰਘ ਚੀਮਾ ਨੇ ਕਿਹਾ, ਬਾਬੂ ਕਾਂਸ਼ੀ ਰਾਮ ਜੀ ਦਾ ਜਨਮ 15 ਮਾਰਚ, 1934 ਨੂੰ ਰੋਪੜ ਦੇ ਖਵਾਸਪੁਰ ਪਿੰਡ ਵਿਖੇ ਹੋਇਆ ਸੀ ਅਤੇ

ਉਨ੍ਹਾਂ ਨੇ ਸਰਕਾਰੀ ਕਾਲਜ, ਰੋਪੜ ਤੋਂ ਆਪਣੀ ਗ੍ਰੈਜੂਏਸ਼ਨ ਪੂਰੀ ਕੀਤੀ। ਉਨ੍ਹਾਂ ਨੇ ਬਾਅਦ ਵਿੱਚ 1991 ਵਿੱਚ ਉੱਤਰ ਪ੍ਰਦੇਸ਼ ਦੇ ਇਟਾਵਾ ਅਤੇ 1996 ਵਿੱਚ ਪੰਜਾਬ ਦੇ ਹੁਸ਼ਿਆਰਪੁਰ ਦੀ ਨੁਮਾਇੰਦਗੀ ਕਰਦਿਆਂ ਸੰਸਦ ਮੈਂਬਰ ਵਜੋਂ ਸੇਵਾ ਨਿਭਾਈ, ਅਤੇ ਇਸ ਤੋਂ ਬਾਅਦ ਰਾਜ ਸਭਾ ਵਿੱਚ ਵੀ ਸੇਵਾਵਾਂ ਦਿੱਤੀਆਂ।

ਨੇਤਾ ਦੀ ਵਿਰਾਸਤ ਦਾ ਸਨਮਾਨ ਕਰਨ ਲਈ ਹਾਲ ਹੀ ਦੀਆਂ ਪਹਿਲਕਦਮੀਆਂ ਬਾਰੇ ਬੋਲਦਿਆਂ

ਵਿੱਤ ਮੰਤਰੀ ਨੇ ਅੱਗੇ ਕਿਹਾ, ਹਾਲ ਹੀ ਵਿੱਚ, ਆਪਣੇ ਕੈਬਨਿਟ ਸਾਥੀ ਹਰਜੋਤ ਸਿੰਘ ਬੈਂਸ ਦੇ ਨਾਲ, ਮੈਂ ਬਾਬੂ ਕਾਂਸ਼ੀ ਰਾਮ ਜੀ ਨਾਲ ਸਬੰਧਤ ਰੋਪੜ ਦੇ ਪਿੰਡ ਖਵਾਸਪੁਰ ਅਤੇ ਆਨੰਦਪੁਰ ਸਾਹਿਬ ਦੇ ਪਿਰਥੀਪੁਰ ਬੁੰਗਾ ਦਾ ਦੌਰਾ ਕੀਤਾ। ਉਨ੍ਹਾਂ ਦੀ ਵਿਰਾਸਤ ਨੂੰ ਸਥਾਈ ਤੌਰ 'ਤੇ ਸਨਮਾਨਿਤ ਕਰਨ ਲਈ, ਪੰਜਾਬ ਸਰਕਾਰ ਨੇ ਇੱਕ ਸਥਾਨਕ ਸਕੂਲ ਦੇ ਨਵੀਨੀਕਰਨ ਅਤੇ ਅਪਗ੍ਰੇਡੇਸ਼ਨ ਲਈ 12 ਕਰੋੜ ਦੀ ਗ੍ਰਾਂਟ ਅਲਾਟ ਕੀਤੀ ਹੈ, ਜਿਸ ਦਾ ਨਾਮ ਬਾਬੂ ਕਾਂਸ਼ੀ ਰਾਮ ਜੀ ਦੇ ਨਾਮ 'ਤੇ ਰੱਖਿਆ ਜਾਵੇਗਾ। ਇਸ ਤੋਂ ਇਲਾਵਾ, ਸਰਕਾਰ ਨੇ ਆਉਣ ਵਾਲੀਆਂ ਪੀੜ੍ਹੀਆਂ ਲਈ ਉਨ੍ਹਾਂ ਦੇ ਇਤਿਹਾਸਕ ਪ੍ਰਭਾਵ ਨੂੰ ਸੁਰੱਖਿਅਤ ਰੱਖਣ ਲਈ ਉਨ੍ਹਾਂ ਦੇ ਜੱਦੀ ਪਿੰਡ ਵਿੱਚ ਇੱਕ ਉੱਚ ਪੱਧਰੀ ਲਾਇਬ੍ਰੇਰੀ ਅਤੇ ਇੱਕ ਆਧੁਨਿਕ ਆਡੀਟੋਰੀਅਮ ਦੇ ਨਿਰਮਾਣ ਨੂੰ ਮਨਜ਼ੂਰੀ ਦੇ ਦਿੱਤੀ ਹੈ।

ਵਿੱਤ ਮੰਤਰੀ ਹਰਪਾਲ ਸਿੰਘ ਚੀਮਾ ਨੇ ਅੱਗੇ ਕਿਹਾ, ਆਮ ਆਦਮੀ

ਪਾਰਟੀ ਦੇ ਕੌਮੀ ਕਨਵੀਨਰ ਅਰਵਿੰਦ ਕੇਜਰੀਵਾਲ ਨੇ 2016 ਵਿੱਚ ਹੀ ਰਸਮੀ ਤੌਰ 'ਤੇ ਬਾਬੂ ਕਾਂਸ਼ੀ ਰਾਮ ਜੀ ਲਈ ਭਾਰਤ ਰਤਨ ਦੀ ਮੰਗ ਕੀਤੀ ਸੀ। ਦਾਸਾਂਨਿਕ 8ਜ ਤੋਂ ਪਹਿਲਾਂ, 9 ਅਕਤੂਬਰ 2006 ਨੂੰ ਬਾਬੂ ਕਾਂਸ਼ੀ ਰਾਮ ਜੀ ਦੇ ਦੇਹਾਂਤ ਤੋਂ ਬਾਅਦ, ਡਾ. ਮਨਮੋਹਨ ਸਿੰਘ ਦੀ ਅਗਵਾਈ ਵਾਲੀ ਕੇਂਦਰ ਸਰਕਾਰ ਬਹੁਜਨ ਸਮਾਜ ਪਾਰਟੀ ਅਤੇ ਉਨ੍ਹਾਂ ਦੇ ਪੈਰੋਕਾਰਾਂ ਦੀ ਵਿਆਪਕ ਮੰਗ ਦੇ ਬਾਵਜੂਦ ਇਸ ਦਿਸ਼ਾ ਵਿੱਚ ਕੋਈ ਠੋਸ ਕਾਰਵਾਈ ਕਰਨ ਵਿੱਚ ਅਸਫਲ ਰਹੀ।

ਅੰਤ ਵਿੱਚ, ਉਨ੍ਹਾਂ ਨੇ ਸਦਨ ਨੂੰ ਸਰਬਸੰਮਤੀ ਨਾਲ ਮਤੇ ਦਾ ਸਮਰਥਨ ਕਰਨ ਦੀ ਅਪੀਲ ਕੀਤੀ ਅਤੇ ਕਿਹਾ, ਇਸ ਸਦਨ ਨੂੰ ਇਸ ਮਤੇ ਪ੍ਰਤੀ ਏਕਤਾ ਨਾਲ ਪ੍ਰਾਪਤ ਕਰਨਾ ਚਾਹੀਦਾ ਹੈ ਅਤੇ ਬਾਬੂ ਕਾਂਸ਼ੀ ਰਾਮ ਜੀ ਨੂੰ ਭਾਰਤ ਰਤਨ ਪ੍ਰਦਾਨ ਕਰਨ ਲਈ ਕੇਂਦਰ ਸਰਕਾਰ ਨੂੰ ਇੱਕ ਮਜ਼ਬੂਤ ਸਿਫ਼ਾਰਸ਼ ਭੇਜਣੀ ਚਾਹੀਦੀ ਹੈ।
